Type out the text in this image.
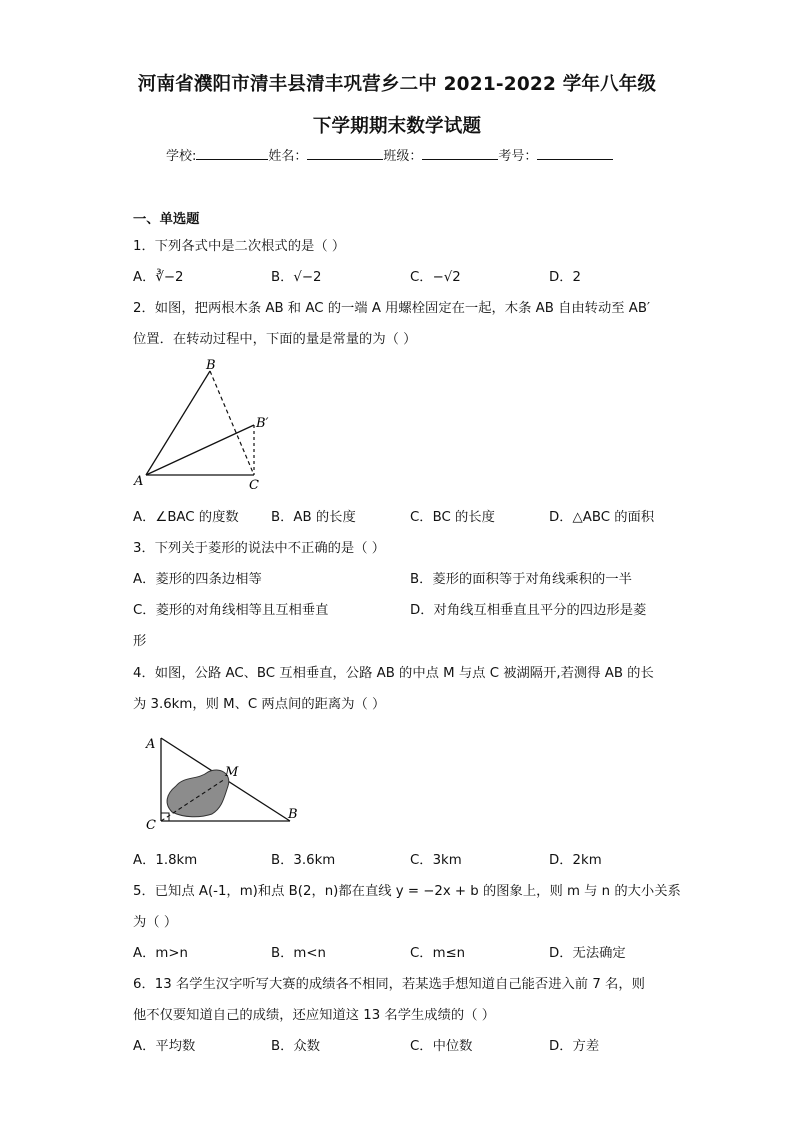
河南省濮阳市清丰县清丰巩营乡二中 2021-2022 学年八年级
下学期期末数学试题
学校:	姓名：	班级：	考号：
一、单选题
1．下列各式中是二次根式的是（ ）
A．∛−2	B．√−2	C．−√2	D．2
2．如图，把两根木条 AB 和 AC 的一端 A 用螺栓固定在一起，木条 AB 自由转动至 AB′
位置．在转动过程中，下面的量是常量的为（ ）
B
B′
A	C
A．∠BAC 的度数 B．AB 的长度	C．BC 的长度	D．△ABC 的面积
3．下列关于菱形的说法中不正确的是（ ）
A．菱形的四条边相等	B．菱形的面积等于对角线乘积的一半
C．菱形的对角线相等且互相垂直	D．对角线互相垂直且平分的四边形是菱
形
4．如图，公路 AC、BC 互相垂直，公路 AB 的中点 M 与点 C 被湖隔开,若测得 AB 的长
为 3.6km，则 M、C 两点间的距离为（ ）
A
M
C
B
A．1.8km	B．3.6km	C．3km	D．2km
5．已知点 A(-1，m)和点 B(2，n)都在直线 y = −2x + b 的图象上，则 m 与 n 的大小关系
为（ ）
A．m>n	B．m<n	C．m≤n	D．无法确定
6．13 名学生汉字听写大赛的成绩各不相同，若某选手想知道自己能否进入前 7 名，则
他不仅要知道自己的成绩，还应知道这 13 名学生成绩的（ ）
A．平均数	B．众数	C．中位数	D．方差
